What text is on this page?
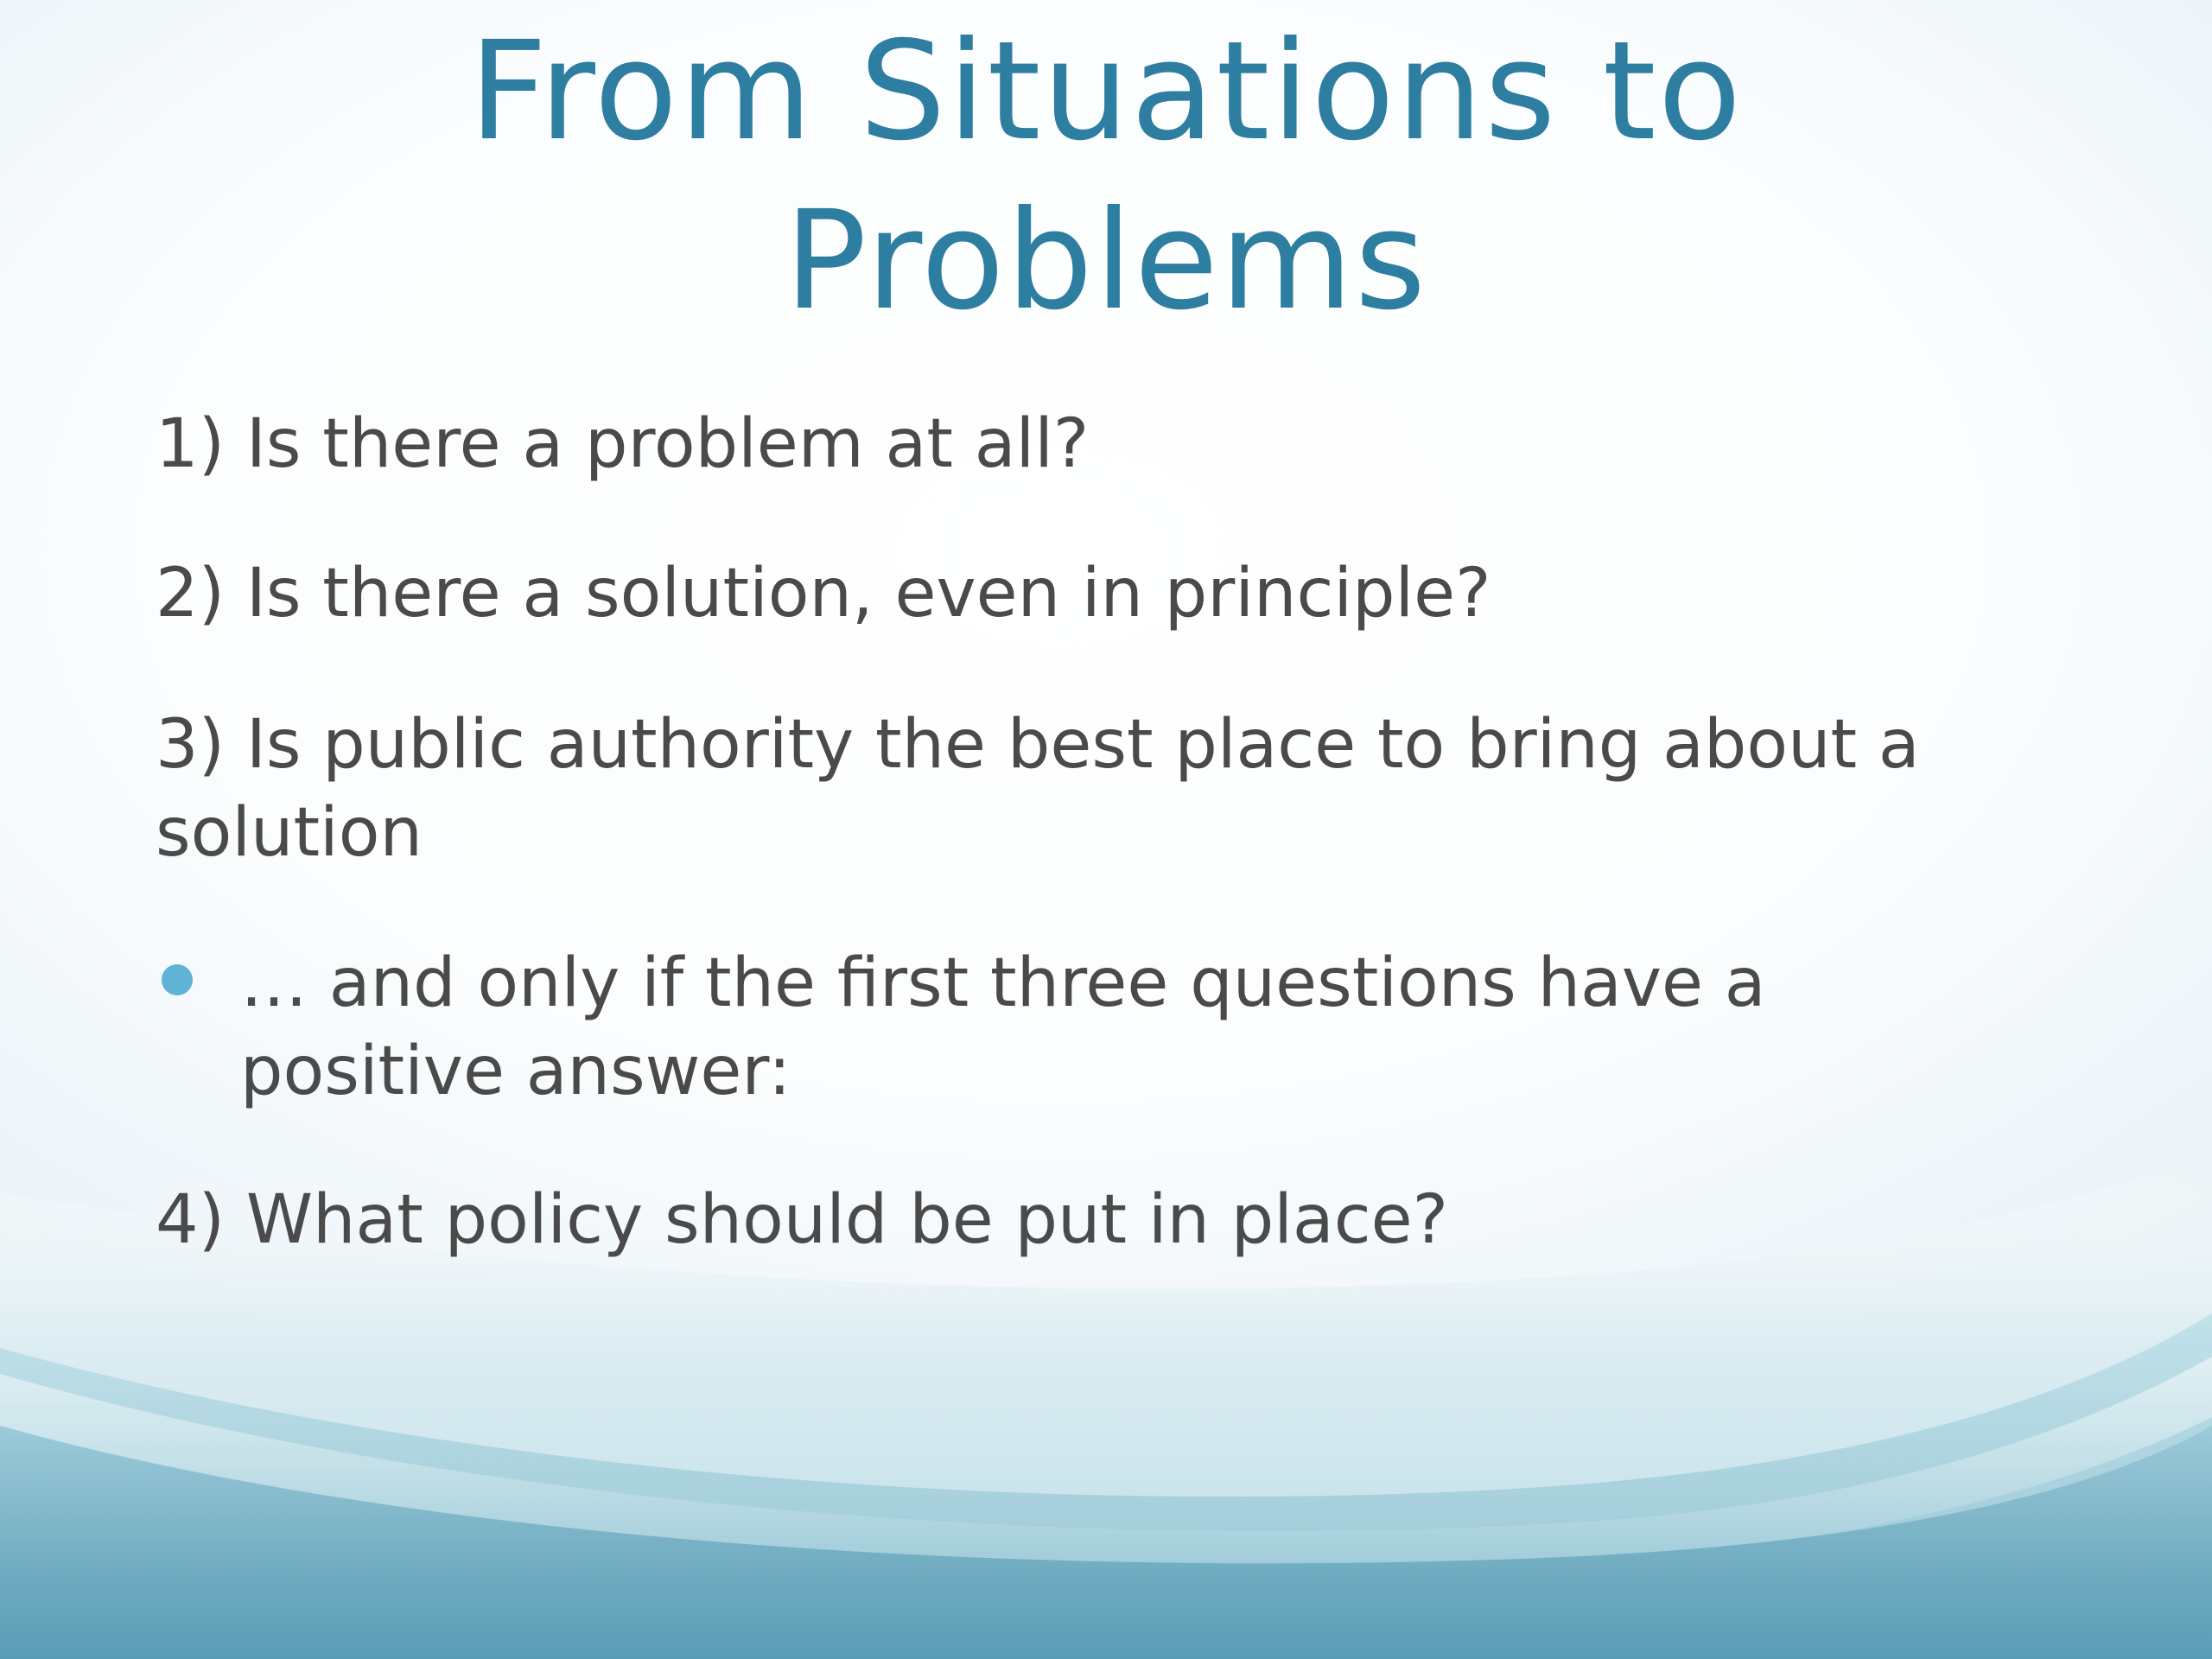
From Situations to
Problems
1) Is there a problem at all?
2) Is there a solution, even in principle?
3) Is public authority the best place to bring about a
solution
… and only if the first three questions have a
positive answer:
4) What policy should be put in place?
